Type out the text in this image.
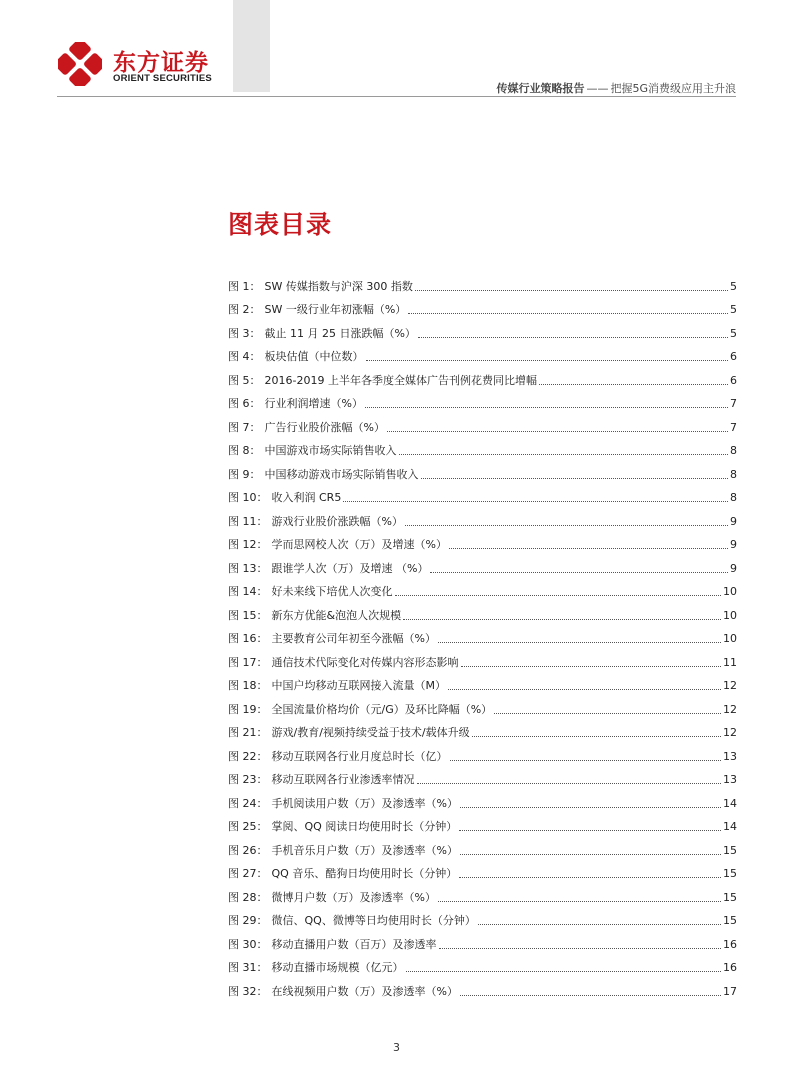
东方证券
ORIENT SECURITIES
传媒行业策略报告 —— 把握5G消费级应用主升浪
图表目录
图 1： SW 传媒指数与沪深 300 指数	5
图 2： SW 一级行业年初涨幅（%）	5
图 3： 截止 11 月 25 日涨跌幅（%）	5
图 4： 板块估值（中位数）	6
图 5： 2016-2019 上半年各季度全媒体广告刊例花费同比增幅	6
图 6： 行业利润增速（%）	7
图 7： 广告行业股价涨幅（%）	7
图 8： 中国游戏市场实际销售收入	8
图 9： 中国移动游戏市场实际销售收入	8
图 10： 收入利润 CR5	8
图 11： 游戏行业股价涨跌幅（%）	9
图 12： 学而思网校人次（万）及增速（%）	9
图 13： 跟谁学人次（万）及增速 （%）	9
图 14： 好未来线下培优人次变化	10
图 15： 新东方优能&泡泡人次规模	10
图 16： 主要教育公司年初至今涨幅（%）	10
图 17： 通信技术代际变化对传媒内容形态影响	11
图 18： 中国户均移动互联网接入流量（M）	12
图 19： 全国流量价格均价（元/G）及环比降幅（%）	12
图 21： 游戏/教育/视频持续受益于技术/载体升级	12
图 22： 移动互联网各行业月度总时长（亿）	13
图 23： 移动互联网各行业渗透率情况	13
图 24： 手机阅读用户数（万）及渗透率（%）	14
图 25： 掌阅、QQ 阅读日均使用时长（分钟）	14
图 26： 手机音乐月户数（万）及渗透率（%）	15
图 27： QQ 音乐、酷狗日均使用时长（分钟）	15
图 28： 微博月户数（万）及渗透率（%）	15
图 29： 微信、QQ、微博等日均使用时长（分钟）	15
图 30： 移动直播用户数（百万）及渗透率	16
图 31： 移动直播市场规模（亿元）	16
图 32： 在线视频用户数（万）及渗透率（%）	17
3
